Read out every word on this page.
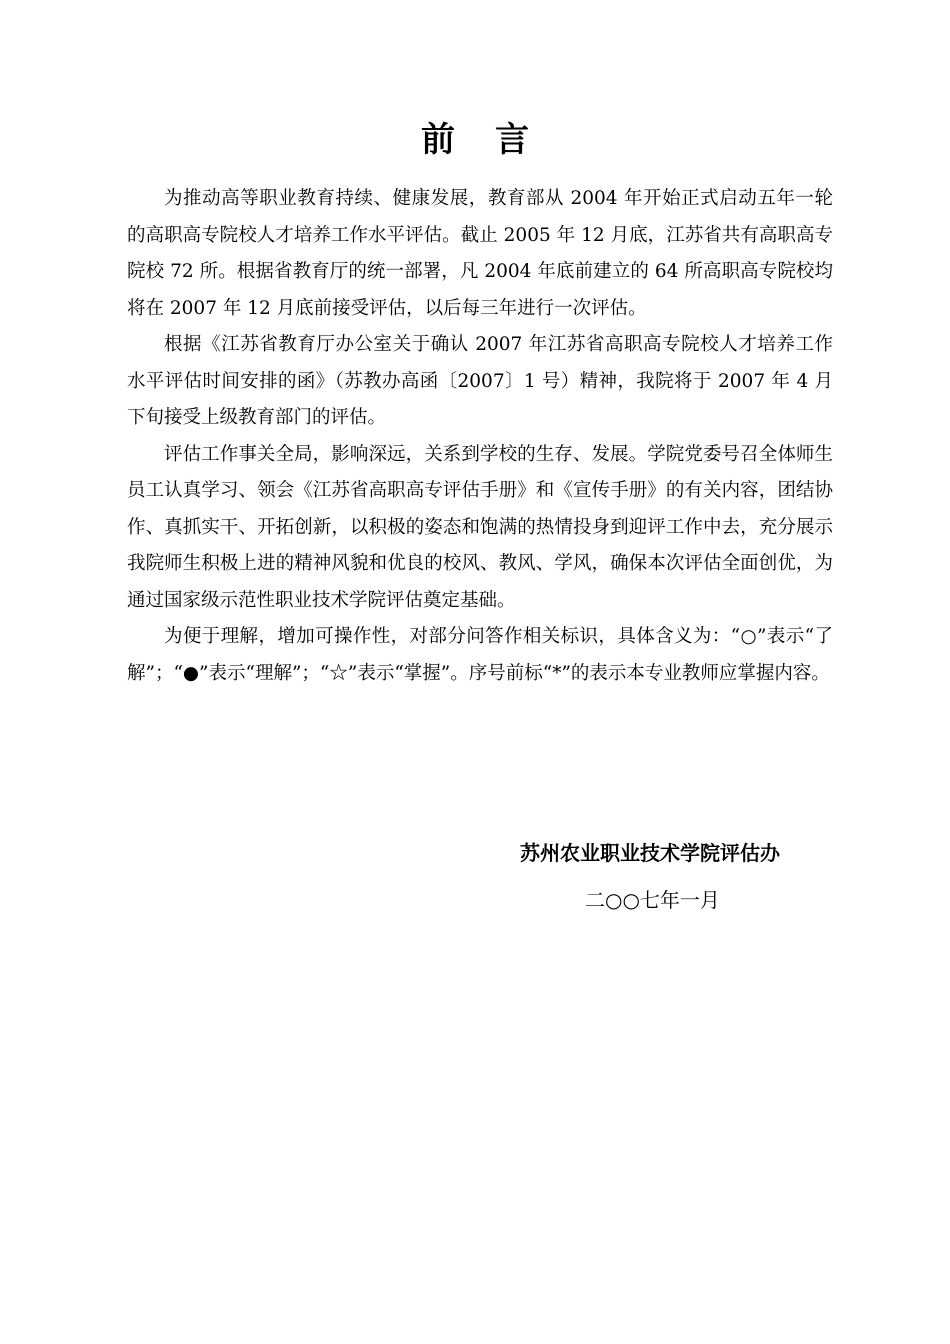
前言

为推动高等职业教育持续、健康发展，教育部从 2004 年开始正式启动五年一轮的高职高专院校人才培养工作水平评估。截止 2005 年 12 月底，江苏省共有高职高专院校 72 所。根据省教育厅的统一部署，凡 2004 年底前建立的 64 所高职高专院校均将在 2007 年 12 月底前接受评估，以后每三年进行一次评估。

根据《江苏省教育厅办公室关于确认 2007 年江苏省高职高专院校人才培养工作水平评估时间安排的函》（苏教办高函〔2007〕1 号）精神，我院将于 2007 年 4 月下旬接受上级教育部门的评估。

评估工作事关全局，影响深远，关系到学校的生存、发展。学院党委号召全体师生员工认真学习、领会《江苏省高职高专评估手册》和《宣传手册》的有关内容，团结协作、真抓实干、开拓创新，以积极的姿态和饱满的热情投身到迎评工作中去，充分展示我院师生积极上进的精神风貌和优良的校风、教风、学风，确保本次评估全面创优，为通过国家级示范性职业技术学院评估奠定基础。

为便于理解，增加可操作性，对部分问答作相关标识，具体含义为：“○”表示“了解”；“●”表示“理解”；“☆”表示“掌握”。序号前标“*”的表示本专业教师应掌握内容。

苏州农业职业技术学院评估办
二○○七年一月
